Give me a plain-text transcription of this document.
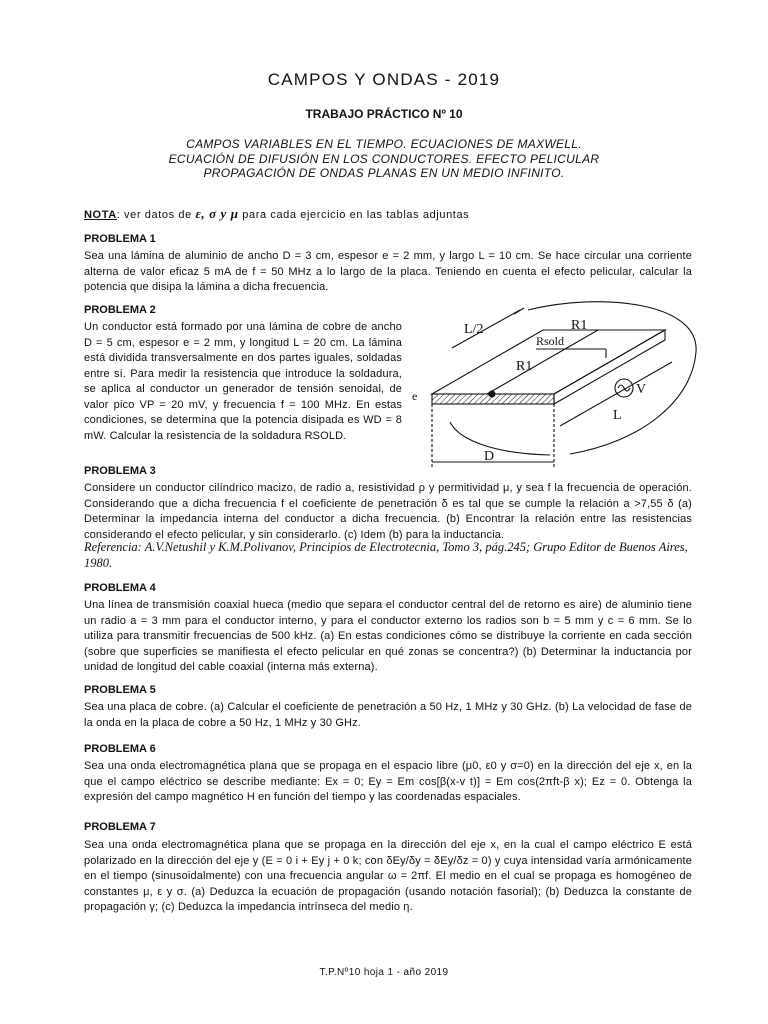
CAMPOS Y ONDAS - 2019
TRABAJO PRÁCTICO Nº 10
CAMPOS VARIABLES EN EL TIEMPO. ECUACIONES DE MAXWELL.
ECUACIÓN DE DIFUSIÓN EN LOS CONDUCTORES. EFECTO PELICULAR
PROPAGACIÓN DE ONDAS PLANAS EN UN MEDIO INFINITO.
NOTA: ver datos de ε, σ y μ para cada ejercicio en las tablas adjuntas
PROBLEMA 1

Sea una lámina de aluminio de ancho D = 3 cm, espesor e = 2 mm, y largo L = 10 cm. Se hace circular una corriente alterna de valor eficaz 5 mA de f = 50 MHz a lo largo de la placa. Teniendo en cuenta el efecto pelicular, calcular la potencia que disipa la lámina a dicha frecuencia.

PROBLEMA 2

Un conductor está formado por una lámina de cobre de ancho D = 5 cm, espesor e = 2 mm, y longitud L = 20 cm. La lámina está dividida transversalmente en dos partes iguales, soldadas entre sí. Para medir la resistencia que introduce la soldadura, se aplica al conductor un generador de tensión senoidal, de valor pico VP = 20 mV, y frecuencia f = 100 MHz. En estas condiciones, se determina que la potencia disipada es WD = 8 mW. Calcular la resistencia de la soldadura RSOLD.

L/2	R1
Rsold
R1
e	V
L
D
PROBLEMA 3

Considere un conductor cilíndrico macizo, de radio a, resistividad ρ y permitividad μ, y sea f la frecuencia de operación. Considerando que a dicha frecuencia f el coeficiente de penetración δ es tal que se cumple la relación a >7,55 δ (a) Determinar la impedancia interna del conductor a dicha frecuencia. (b) Encontrar la relación entre las resistencias considerando el efecto pelicular, y sin considerarlo. (c) Idem (b) para la inductancia.

Referencia: A.V.Netushil y K.M.Polivanov, Principios de Electrotecnia, Tomo 3, pág.245; Grupo Editor de Buenos Aires, 1980.
PROBLEMA 4

Una línea de transmisión coaxial hueca (medio que separa el conductor central del de retorno es aire) de aluminio tiene un radio a = 3 mm para el conductor interno, y para el conductor externo los radios son b = 5 mm y c = 6 mm. Se lo utiliza para transmitir frecuencias de 500 kHz. (a) En estas condiciones cómo se distribuye la corriente en cada sección (sobre que superficies se manifiesta el efecto pelicular en qué zonas se concentra?) (b) Determinar la inductancia por unidad de longitud del cable coaxial (interna más externa).

PROBLEMA 5

Sea una placa de cobre. (a) Calcular el coeficiente de penetración a 50 Hz, 1 MHz y 30 GHz. (b) La velocidad de fase de la onda en la placa de cobre a 50 Hz, 1 MHz y 30 GHz.

PROBLEMA 6

Sea una onda electromagnética plana que se propaga en el espacio libre (μ0, ε0 y σ=0) en la dirección del eje x, en la que el campo eléctrico se describe mediante: Ex = 0; Ey = Em cos[β(x-v t)] = Em cos(2πft-β x); Ez = 0. Obtenga la expresión del campo magnético H en función del tiempo y las coordenadas espaciales.

PROBLEMA 7

Sea una onda electromagnética plana que se propaga en la dirección del eje x, en la cual el campo eléctrico E está polarizado en la dirección del eje y (E = 0 i + Ey j + 0 k; con δEy/δy = δEy/δz = 0) y cuya intensidad varía armónicamente en el tiempo (sinusoidalmente) con una frecuencia angular ω = 2πf. El medio en el cual se propaga es homogéneo de constantes μ, ε y σ. (a) Deduzca la ecuación de propagación (usando notación fasorial); (b) Deduzca la constante de propagación γ; (c) Deduzca la impedancia intrínseca del medio η.

T.P.Nº10 hoja 1 - año 2019
